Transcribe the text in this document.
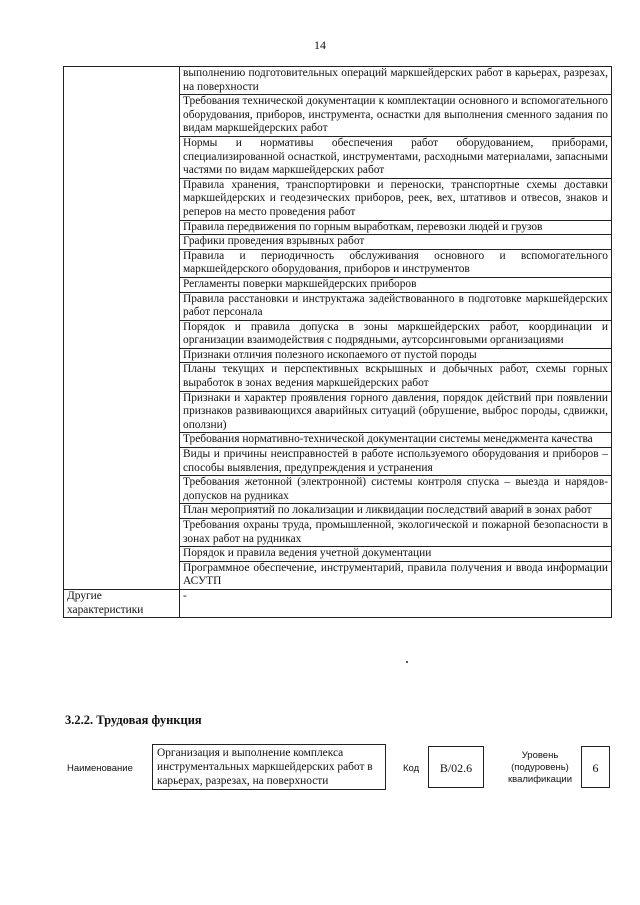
14
	выполнению подготовительных операций маркшейдерских работ в карьерах, разрезах, на поверхности
	Требования технической документации к комплектации основного и вспомогательного оборудования, приборов, инструмента, оснастки для выполнения сменного задания по видам маркшейдерских работ
	Нормы и нормативы обеспечения работ оборудованием, приборами, специализированной оснасткой, инструментами, расходными материалами, запасными частями по видам маркшейдерских работ
	Правила хранения, транспортировки и переноски, транспортные схемы доставки маркшейдерских и геодезических приборов, реек, вех, штативов и отвесов, знаков и реперов на место проведения работ
	Правила передвижения по горным выработкам, перевозки людей и грузов
	Графики проведения взрывных работ
	Правила и периодичность обслуживания основного и вспомогательного маркшейдерского оборудования, приборов и инструментов
	Регламенты поверки маркшейдерских приборов
	Правила расстановки и инструктажа задействованного в подготовке маркшейдерских работ персонала
	Порядок и правила допуска в зоны маркшейдерских работ, координации и организации взаимодействия с подрядными, аутсорсинговыми организациями
	Признаки отличия полезного ископаемого от пустой породы
	Планы текущих и перспективных вскрышных и добычных работ, схемы горных выработок в зонах ведения маркшейдерских работ
	Признаки и характер проявления горного давления, порядок действий при появлении признаков развивающихся аварийных ситуаций (обрушение, выброс породы, сдвижки, оползни)
	Требования нормативно-технической документации системы менеджмента качества
	Виды и причины неисправностей в работе используемого оборудования и приборов – способы выявления, предупреждения и устранения
	Требования жетонной (электронной) системы контроля спуска – выезда и нарядов-допусков на рудниках
	План мероприятий по локализации и ликвидации последствий аварий в зонах работ
	Требования охраны труда, промышленной, экологической и пожарной безопасности в зонах работ на рудниках
	Порядок и правила ведения учетной документации
	Программное обеспечение, инструментарий, правила получения и ввода информации АСУТП
Другие характеристики	-
3.2.2. Трудовая функция
Наименование
Организация и выполнение комплекса инструментальных маркшейдерских работ в карьерах, разрезах, на поверхности
Код	B/02.6
Уровень (подуровень) квалификации
6
